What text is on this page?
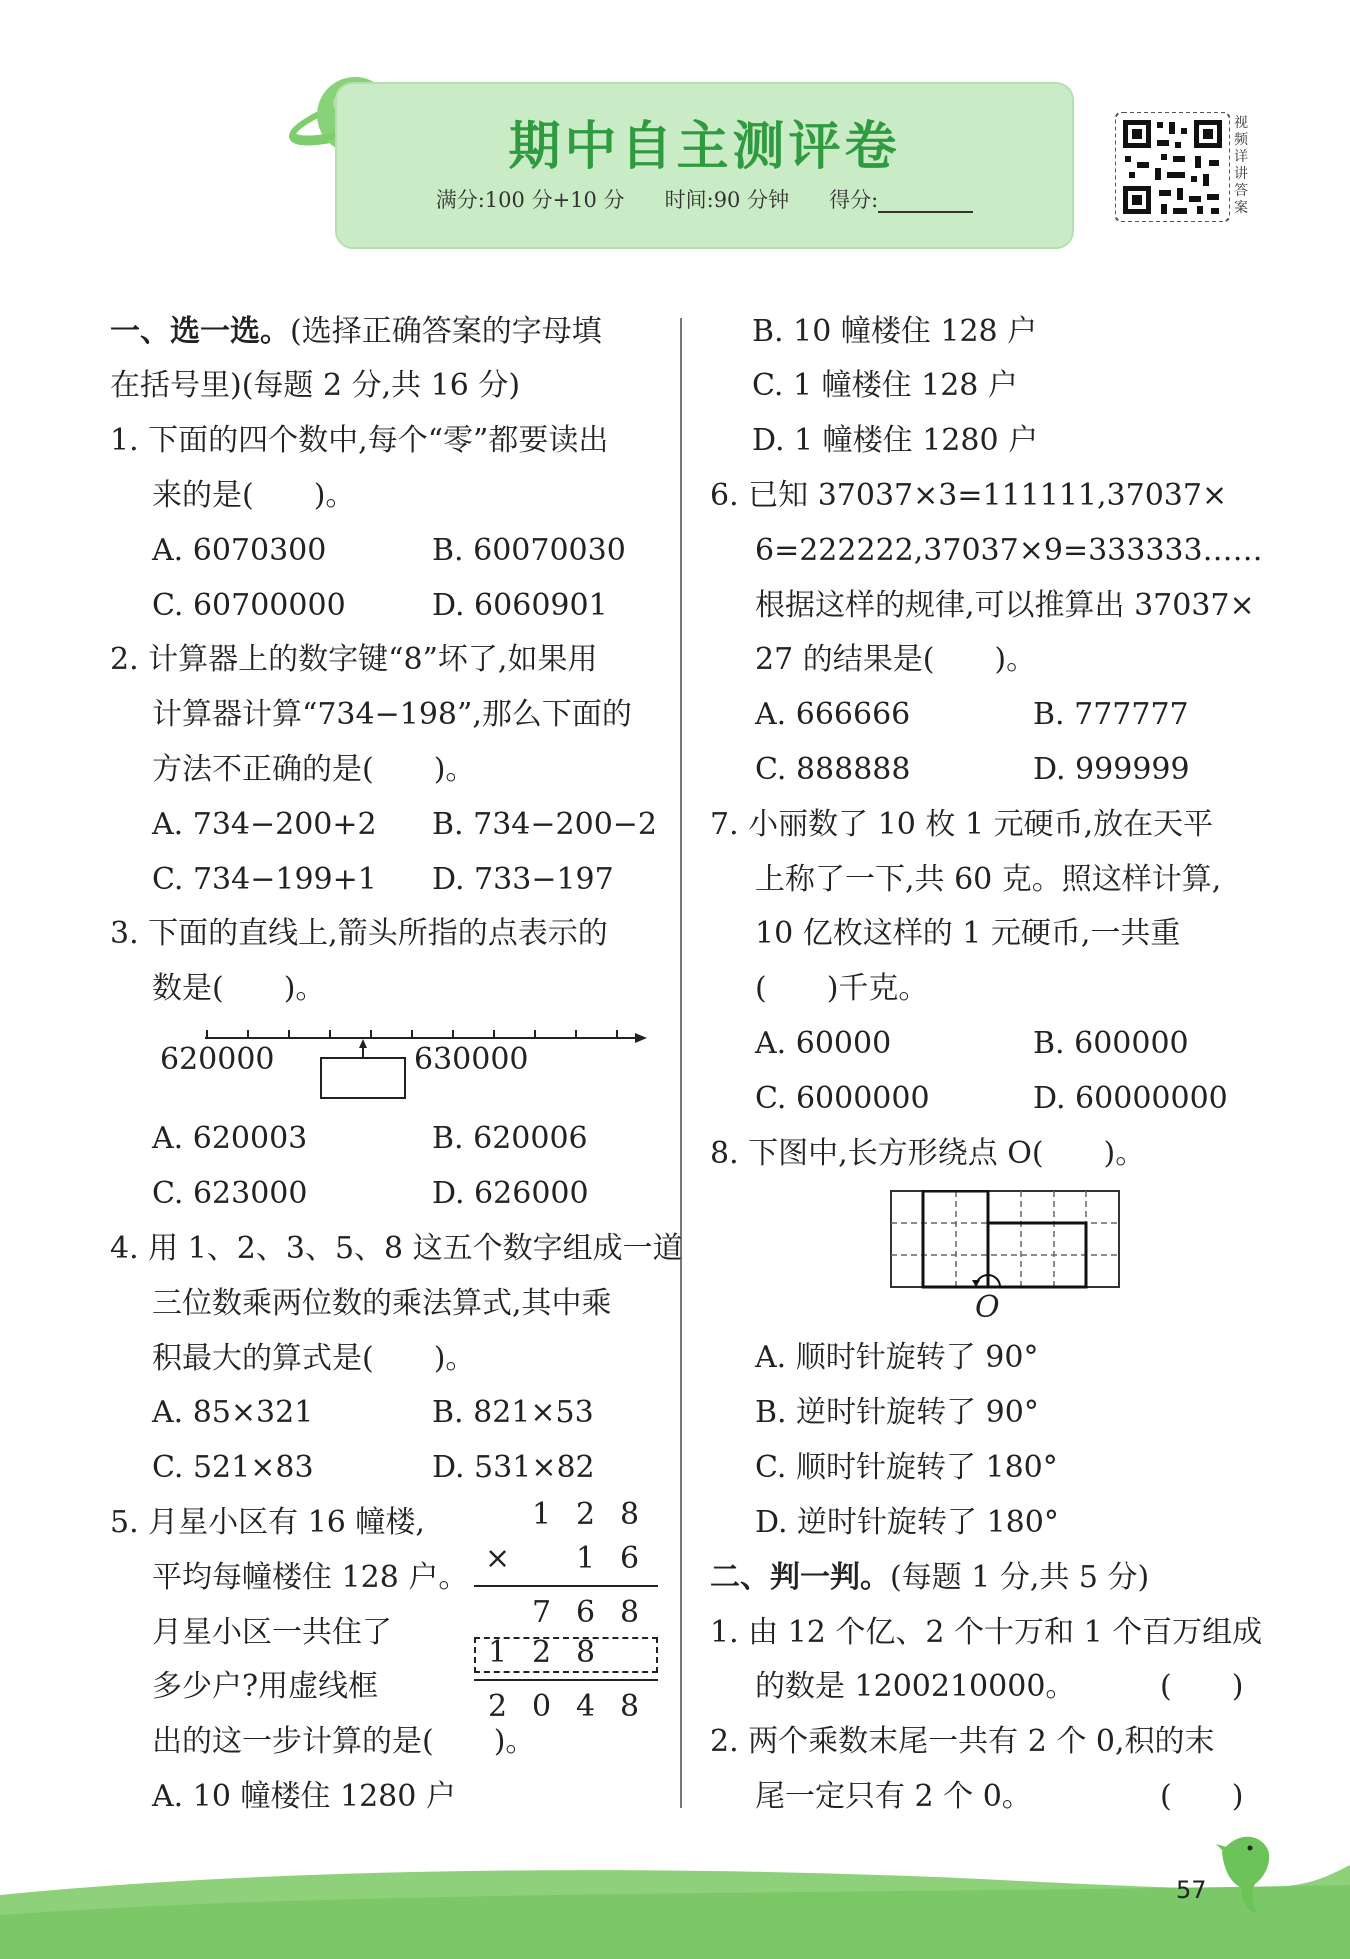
期中自主测评卷
满分:100 分+10 分 时间:90 分钟 得分:
视频详讲答案
一、选一选。(选择正确答案的字母填
在括号里)(每题 2 分,共 16 分)
1. 下面的四个数中,每个“零”都要读出
来的是(　　)。
A. 6070300	B. 60070030
C. 60700000	D. 6060901
2. 计算器上的数字键“8”坏了,如果用
计算器计算“734−198”,那么下面的
方法不正确的是(　　)。
A. 734−200+2 B. 734−200−2
C. 734−199+1 D. 733−197
3. 下面的直线上,箭头所指的点表示的
数是(　　)。
620000	630000
A. 620003	B. 620006
C. 623000	D. 626000
4. 用 1、2、3、5、8 这五个数字组成一道
三位数乘两位数的乘法算式,其中乘
积最大的算式是(　　)。
A. 85×321	B. 821×53
C. 521×83	D. 531×82
5. 月星小区有 16 幢楼,
平均每幢楼住 128 户。
月星小区一共住了
多少户?用虚线框
出的这一步计算的是(　　)。
A. 10 幢楼住 1280 户
1 2 8
× 1 6
7 6 8
1 2 8
2 0 4 8
B. 10 幢楼住 128 户
C. 1 幢楼住 128 户
D. 1 幢楼住 1280 户
6. 已知 37037×3=111111,37037×
6=222222,37037×9=333333……
根据这样的规律,可以推算出 37037×
27 的结果是(　　)。
A. 666666	B. 777777
C. 888888	D. 999999
7. 小丽数了 10 枚 1 元硬币,放在天平
上称了一下,共 60 克。照这样计算,
10 亿枚这样的 1 元硬币,一共重
(　　)千克。
A. 60000	B. 600000
C. 6000000	D. 60000000
8. 下图中,长方形绕点 O(　　)。
O
A. 顺时针旋转了 90°
B. 逆时针旋转了 90°
C. 顺时针旋转了 180°
D. 逆时针旋转了 180°
二、判一判。(每题 1 分,共 5 分)
1. 由 12 个亿、2 个十万和 1 个百万组成
的数是 1200210000。	(　　)
2. 两个乘数末尾一共有 2 个 0,积的末
尾一定只有 2 个 0。	(　　)
57
